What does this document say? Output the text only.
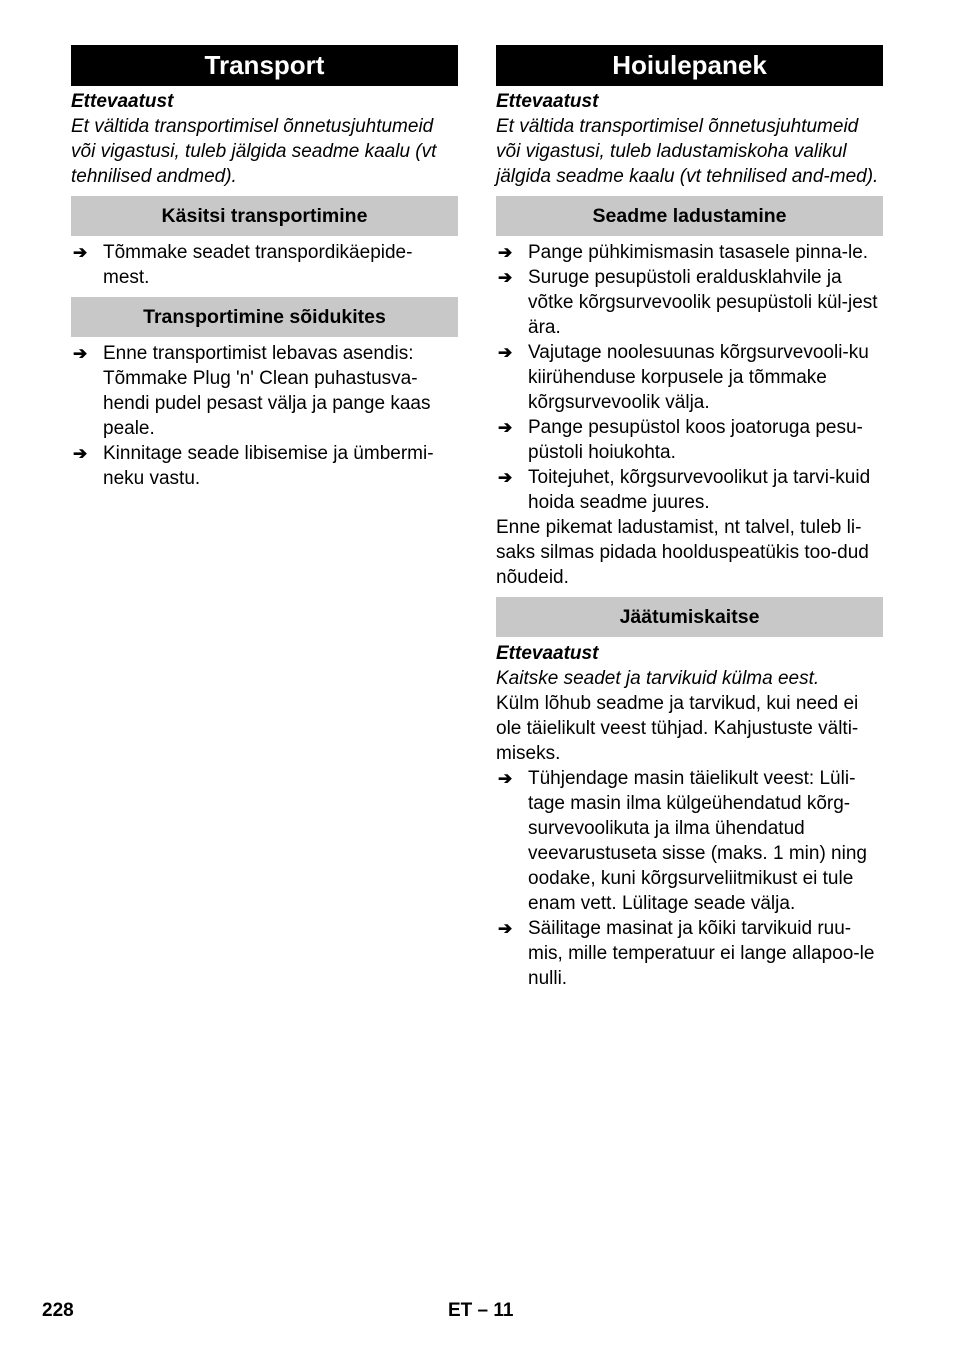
Transport
Ettevaatust
Et vältida transportimisel õnnetusjuhtumeid või vigastusi, tuleb jälgida seadme kaalu (vt tehnilised andmed).
Käsitsi transportimine
➔ Tõmmake seadet transpordikäepide-mest.
Transportimine sõidukites
➔ Enne transportimist lebavas asendis: Tõmmake Plug 'n' Clean puhastusva-hendi pudel pesast välja ja pange kaas peale.
➔ Kinnitage seade libisemise ja ümbermi-neku vastu.
Hoiulepanek
Ettevaatust
Et vältida transportimisel õnnetusjuhtumeid või vigastusi, tuleb ladustamiskoha valikul jälgida seadme kaalu (vt tehnilised and-med).
Seadme ladustamine
➔ Pange pühkimismasin tasasele pinna-le.
➔ Suruge pesupüstoli eraldusklahvile ja võtke kõrgsurvevoolik pesupüstoli kül-jest ära.
➔ Vajutage noolesuunas kõrgsurvevooli-ku kiirühenduse korpusele ja tõmmake kõrgsurvevoolik välja.
➔ Pange pesupüstol koos joatoruga pesu-püstoli hoiukohta.
➔ Toitejuhet, kõrgsurvevoolikut ja tarvi-kuid hoida seadme juures.
Enne pikemat ladustamist, nt talvel, tuleb li-saks silmas pidada hoolduspeatükis too-dud nõudeid.
Jäätumiskaitse
Ettevaatust
Kaitske seadet ja tarvikuid külma eest.
Külm lõhub seadme ja tarvikud, kui need ei ole täielikult veest tühjad. Kahjustuste välti-miseks.
➔ Tühjendage masin täielikult veest: Lüli-tage masin ilma külgeühendatud kõrg-survevoolikuta ja ilma ühendatud veevarustuseta sisse (maks. 1 min) ning oodake, kuni kõrgsurveliitmikust ei tule enam vett. Lülitage seade välja.
➔ Säilitage masinat ja kõiki tarvikuid ruu-mis, mille temperatuur ei lange allapoo-le nulli.
228	ET – 11
